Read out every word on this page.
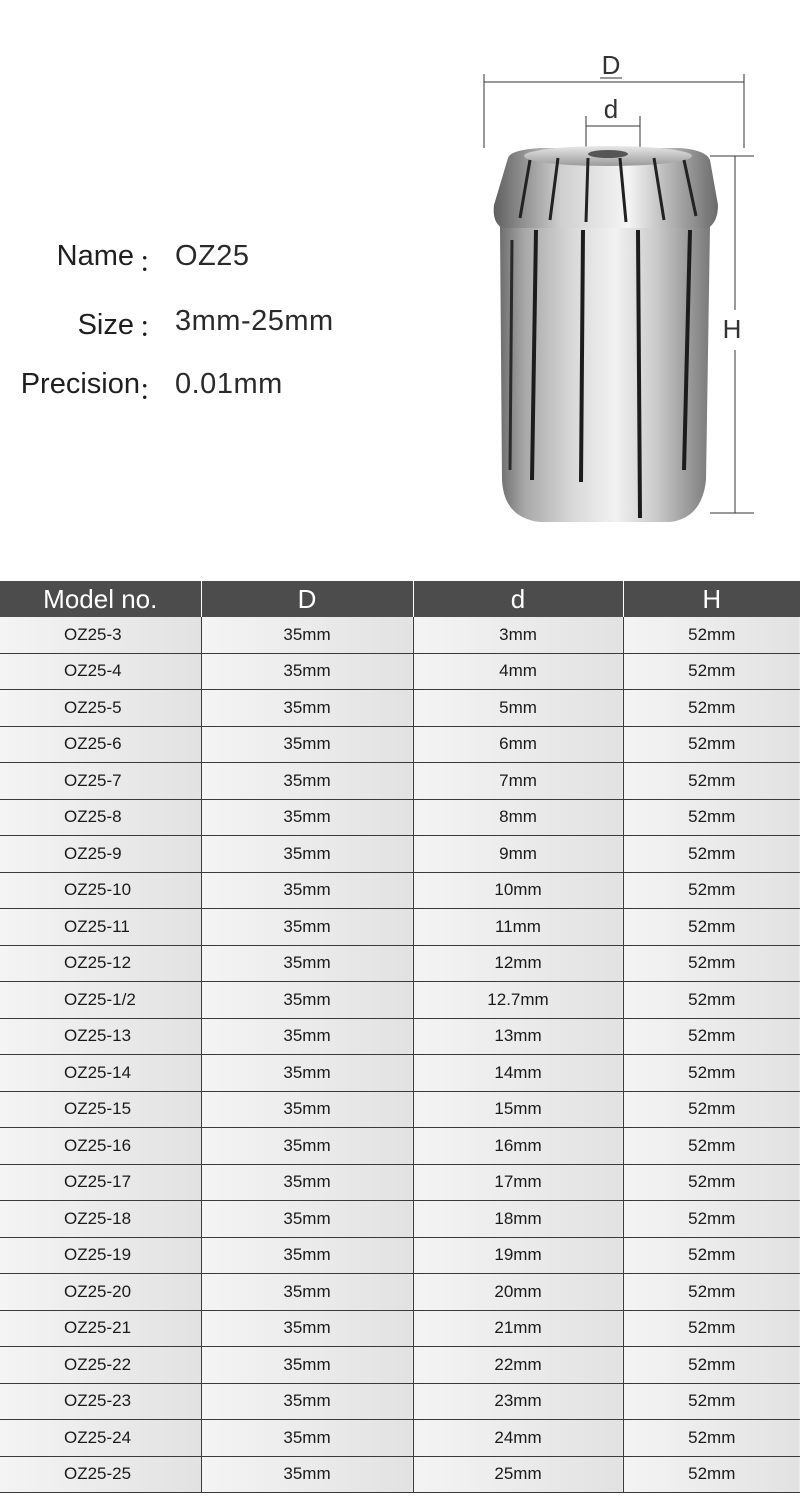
Name ： OZ25
Size ： 3mm-25mm
Precision
： 0.01mm
D
d
H
Model no.	D	d	H
OZ25-3	35mm	3mm	52mm
OZ25-4	35mm	4mm	52mm
OZ25-5	35mm	5mm	52mm
OZ25-6	35mm	6mm	52mm
OZ25-7	35mm	7mm	52mm
OZ25-8	35mm	8mm	52mm
OZ25-9	35mm	9mm	52mm
OZ25-10	35mm	10mm	52mm
OZ25-11	35mm	11mm	52mm
OZ25-12	35mm	12mm	52mm
OZ25-1/2	35mm	12.7mm	52mm
OZ25-13	35mm	13mm	52mm
OZ25-14	35mm	14mm	52mm
OZ25-15	35mm	15mm	52mm
OZ25-16	35mm	16mm	52mm
OZ25-17	35mm	17mm	52mm
OZ25-18	35mm	18mm	52mm
OZ25-19	35mm	19mm	52mm
OZ25-20	35mm	20mm	52mm
OZ25-21	35mm	21mm	52mm
OZ25-22	35mm	22mm	52mm
OZ25-23	35mm	23mm	52mm
OZ25-24	35mm	24mm	52mm
OZ25-25	35mm	25mm	52mm
